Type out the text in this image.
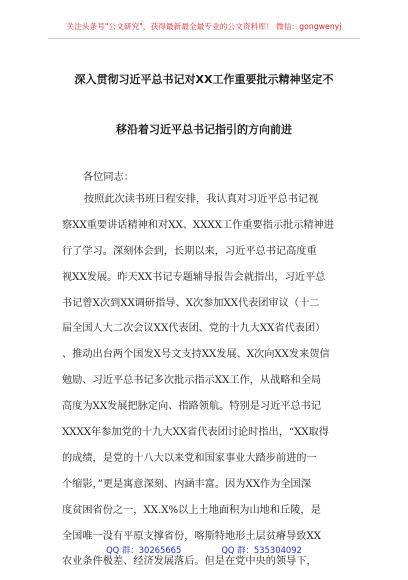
关注头条号"公文研究"，获得最新最全最专业的公文资料库！ 微信：gongwenyj
深入贯彻习近平总书记对XX工作重要批示精神坚定不
移沿着习近平总书记指引的方向前进
各位同志：
按照此次读书班日程安排，我认真对习近平总书记视
察XX重要讲话精神和对XX、XXXX工作重要指示批示精神进
行了学习。深刻体会到，长期以来，习近平总书记高度重
视XX发展。昨天XX书记专题辅导报告会就指出，习近平总
书记曾X次到XX调研指导、X次参加XX代表团审议（十二
届全国人大二次会议XX代表团、党的十九大XX省代表团）
、推动出台两个国发X号文支持XX发展、X次向XX发来贺信
勉励、习近平总书记多次批示指示XX工作，从战略和全局
高度为XX发展把脉定向、指路领航。特别是习近平总书记
XXXX年参加党的十九大XX省代表团讨论时指出，“XX取得
的成绩，是党的十八大以来党和国家事业大踏步前进的一
个缩影，”更是寓意深刻、内涵丰富。因为XX作为全国深
度贫困省份之一，XX.X%以上土地面积为山地和丘陵，是
全国唯一没有平原支撑省份，喀斯特地形土层贫瘠导致XX
农业条件极差、经济发展落后。但是在党中央的领导下，
QQ 群：30265665	QQ 群：535304092
